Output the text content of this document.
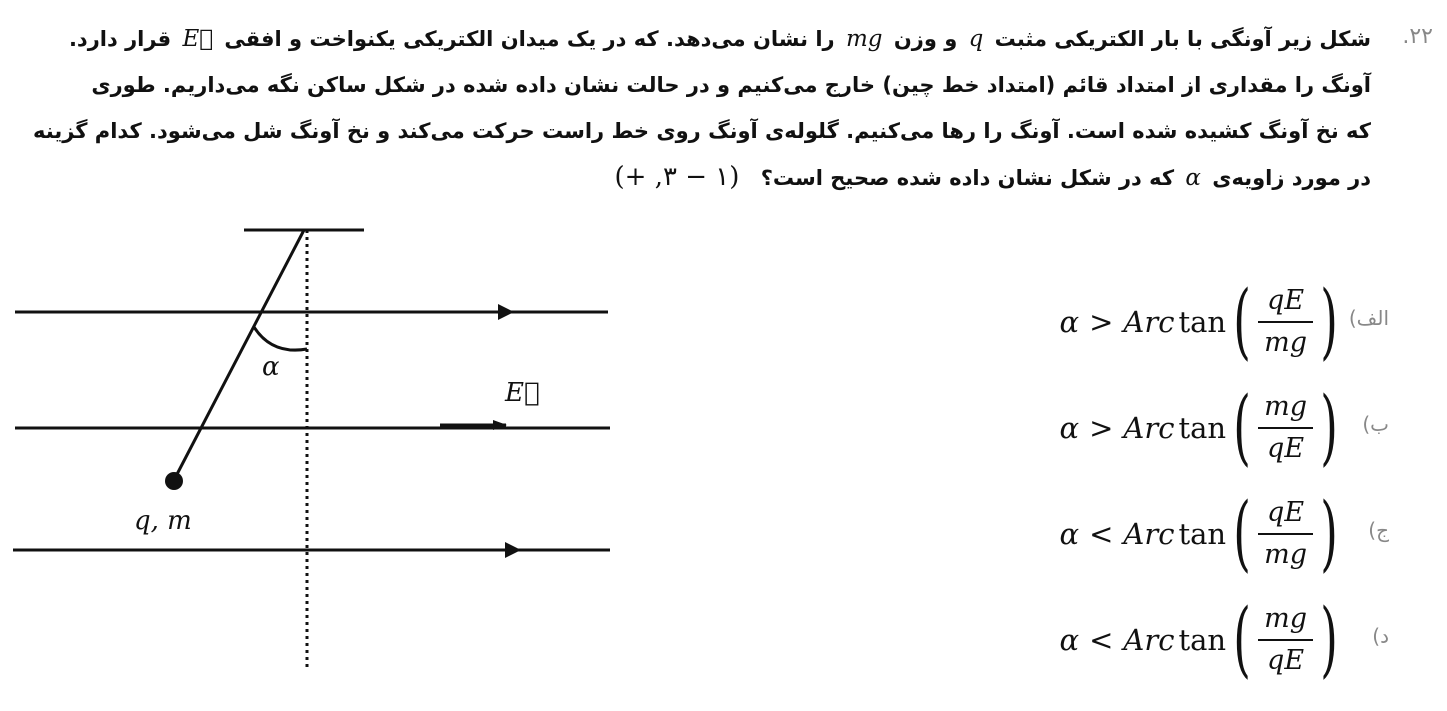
۲۲.
شکل زیر آونگی با بار الکتریکی مثبت q و وزن mg را نشان می‌دهد. که در یک میدان الکتریکی یکنواخت و افقی E⃗ قرار دارد.
آونگ را مقداری از امتداد قائم (امتداد خط چین) خارج می‌کنیم و در حالت نشان داده شده در شکل ساکن نگه می‌داریم. طوری
که نخ آونگ کشیده شده است. آونگ را رها می‌کنیم. گلوله‌ی آونگ روی خط راست حرکت می‌کند و نخ آونگ شل می‌شود. کدام گزینه
در مورد زاویه‌ی α که در شکل نشان داده شده صحیح است؟ (۱ − ۳, +)
α
E⃗
q, m
الف)
α > Arc tan ( $\frac{qE}{mg}$ )
ب)
α > Arc tan ( $\frac{mg}{qE}$ )
ج)
α < Arc tan ( $\frac{qE}{mg}$ )
د)
α < Arc tan ( $\frac{mg}{qE}$ )
